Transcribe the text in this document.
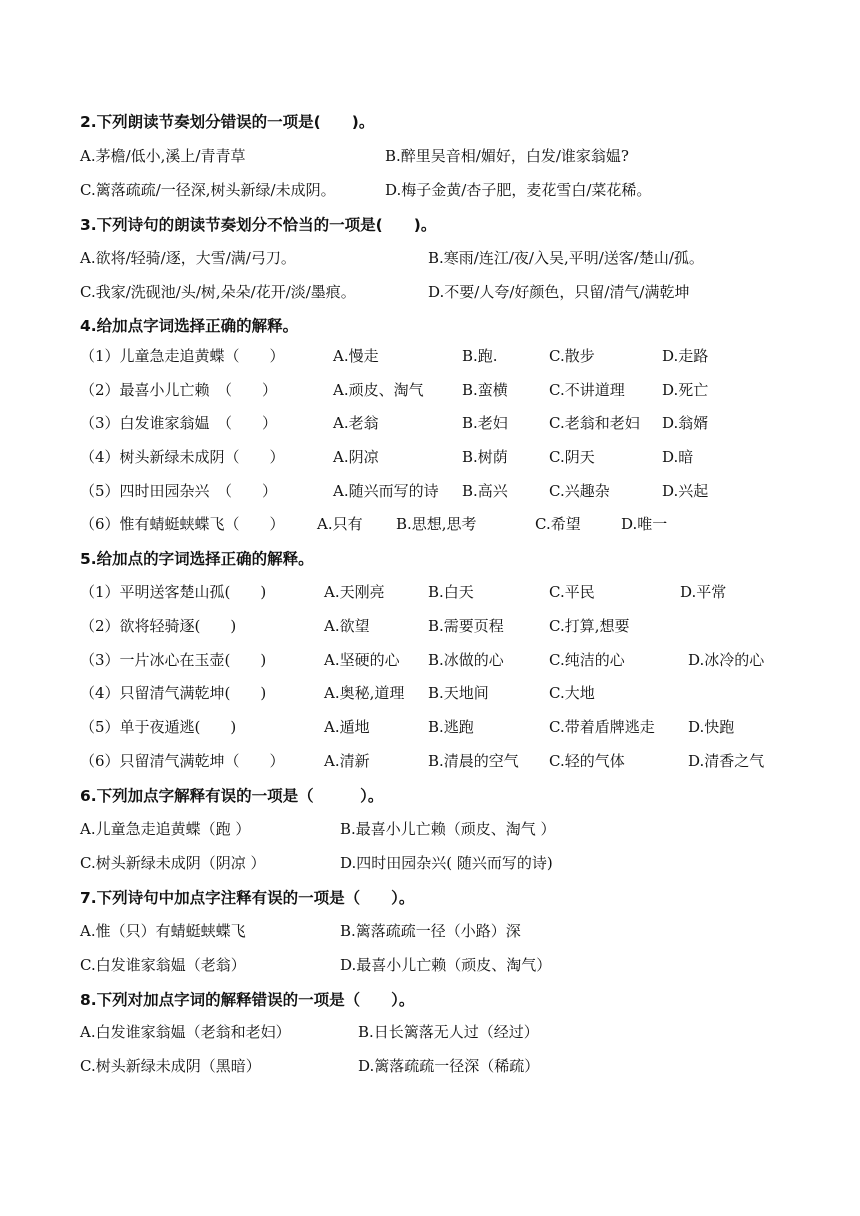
2.下列朗读节奏划分错误的一项是(　　)。
A.茅檐/低小,溪上/青青草	B.醉里吴音相/媚好，白发/谁家翁媪?
C.篱落疏疏/一径深,树头新绿/未成阴。	D.梅子金黄/杏子肥，麦花雪白/菜花稀。
3.下列诗句的朗读节奏划分不恰当的一项是(　　)。
A.欲将/轻骑/逐，大雪/满/弓刀。	B.寒雨/连江/夜/入吴,平明/送客/楚山/孤。
C.我家/洗砚池/头/树,朵朵/花开/淡/墨痕。	D.不要/人夸/好颜色，只留/清气/满乾坤
4.给加点字词选择正确的解释。
（1）儿童急走追黄蝶（　　）	A.慢走	B.跑.	C.散步	D.走路
（2）最喜小儿亡赖　（　　）	A.顽皮、淘气	B.蛮横	C.不讲道理 D.死亡
（3）白发谁家翁媪　（　　）	A.老翁	B.老妇	C.老翁和老妇 D.翁婿
（4）树头新绿未成阴（　　）	A.阴凉	B.树荫	C.阴天	D.暗
（5）四时田园杂兴　（　　）	A.随兴而写的诗 B.高兴	C.兴趣杂	D.兴起
（6）惟有蜻蜓蛱蝶飞（　　） A.只有 B.思想,思考	C.希望	D.唯一
5.给加点的字词选择正确的解释。
（1）平明送客楚山孤(　　)	A.天刚亮	B.白天	C.平民	D.平常
（2）欲将轻骑逐(　　)	A.欲望	B.需要页程	C.打算,想要
（3）一片冰心在玉壶(　　)	A.坚硬的心 B.冰做的心	C.纯洁的心	D.冰冷的心
（4）只留清气满乾坤(　　)	A.奥秘,道理 B.天地间	C.大地
（5）单于夜遁逃(　　)	A.遁地	B.逃跑	C.带着盾牌逃走 D.快跑
（6）只留清气满乾坤（　　）	A.清新	B.清晨的空气 C.轻的气体	D.清香之气
6.下列加点字解释有误的一项是（　　　）。
A.儿童急走追黄蝶（跑 ）	B.最喜小儿亡赖（顽皮、淘气 ）
C.树头新绿未成阴（阴凉 ）	D.四时田园杂兴( 随兴而写的诗)
7.下列诗句中加点字注释有误的一项是（　　）。
A.惟（只）有蜻蜓蛱蝶飞	B.篱落疏疏一径（小路）深
C.白发谁家翁媪（老翁）	D.最喜小儿亡赖（顽皮、淘气）
8.下列对加点字词的解释错误的一项是（　　）。
A.白发谁家翁媪（老翁和老妇）	B.日长篱落无人过（经过）
C.树头新绿未成阴（黑暗）	D.篱落疏疏一径深（稀疏）
